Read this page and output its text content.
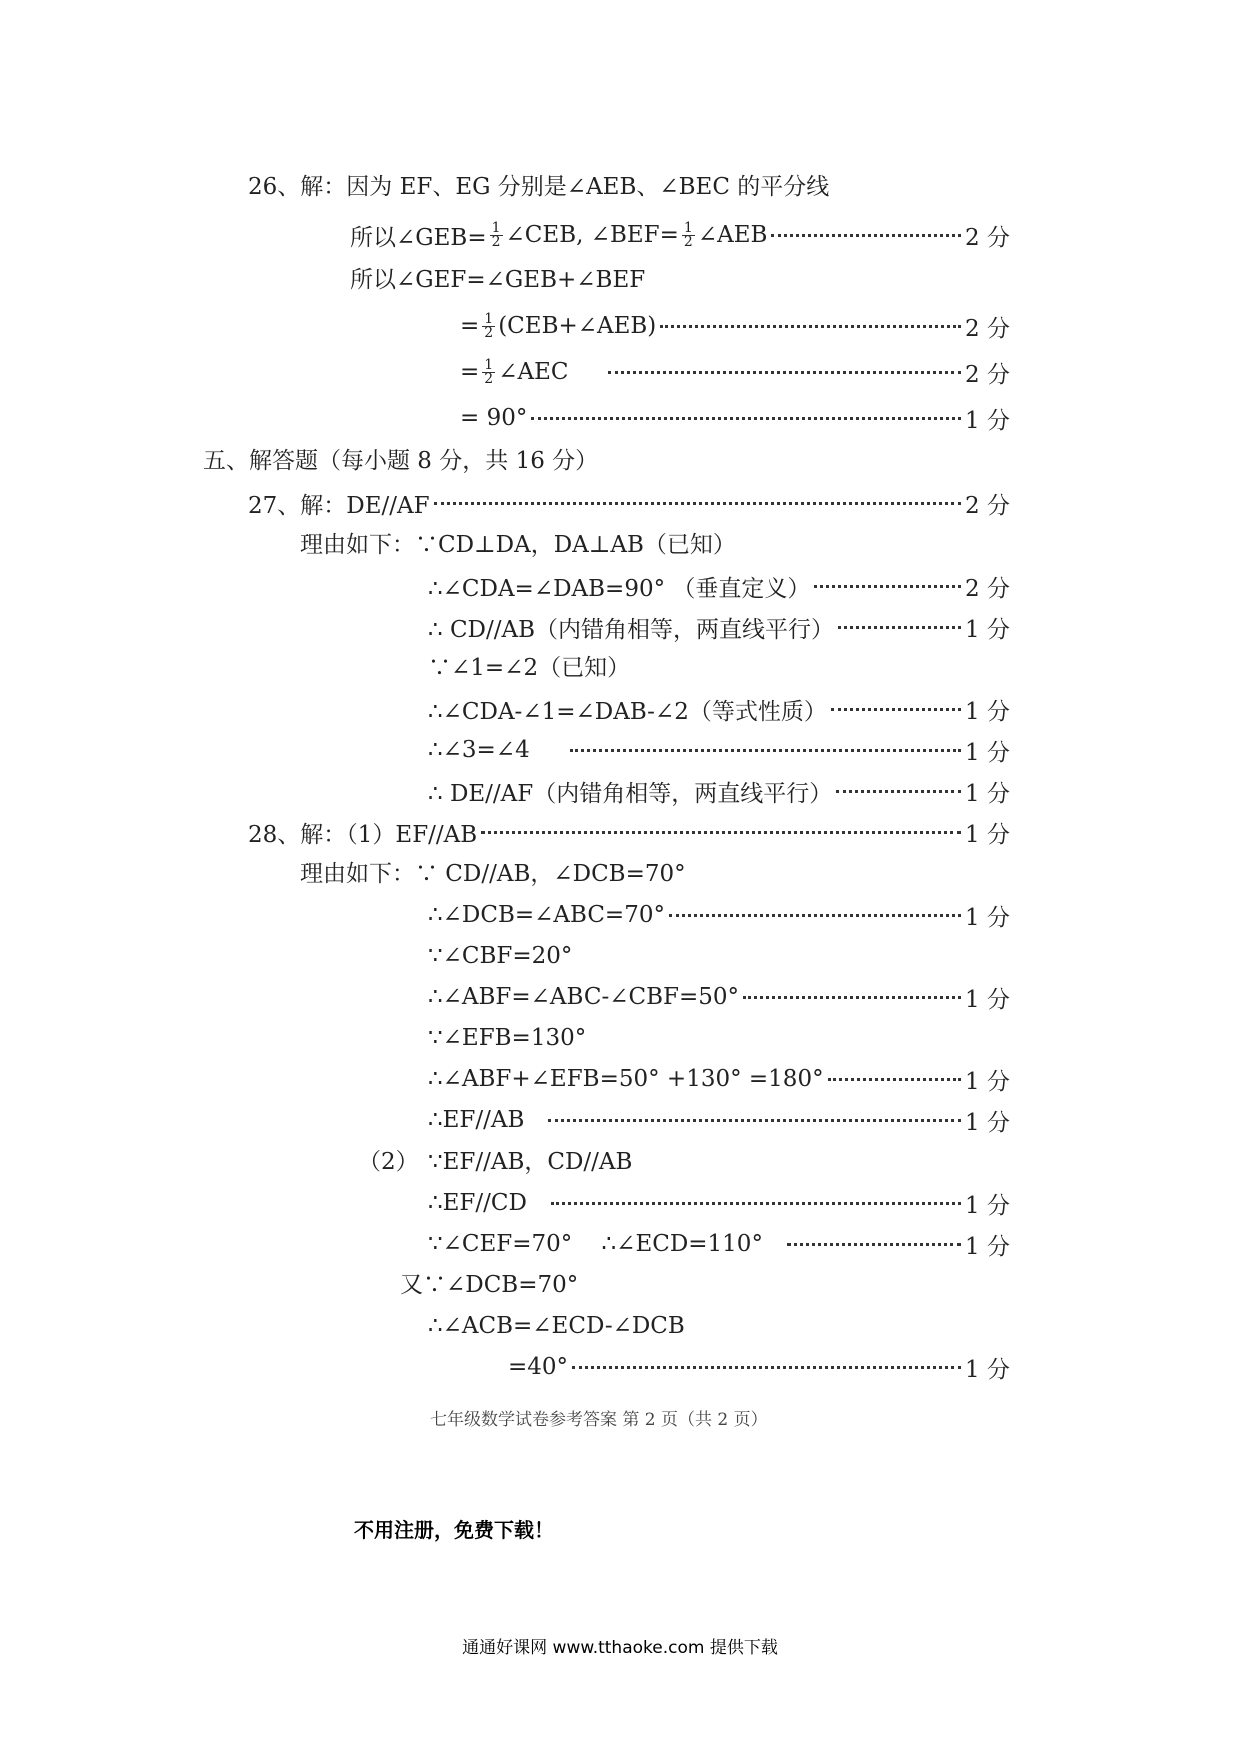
26、解：因为 EF、EG 分别是∠AEB、∠BEC 的平分线
所以∠GEB= $\frac{1}{2}$ ∠CEB, ∠BEF= $\frac{1}{2}$ ∠AEB	2 分
所以∠GEF=∠GEB+∠BEF
= $\frac{1}{2}$ (CEB+∠AEB)	2 分
= $\frac{1}{2}$ ∠AEC	2 分
= 90°	1 分
五、解答题（每小题 8 分，共 16 分）
27、解：DE//AF	2 分
理由如下：∵CD⊥DA，DA⊥AB（已知）
∴∠CDA=∠DAB=90° （垂直定义）	2 分
∴ CD//AB（内错角相等，两直线平行）	1 分
∵∠1=∠2（已知）
∴∠CDA-∠1=∠DAB-∠2（等式性质）	1 分
∴∠3=∠4	1 分
∴ DE//AF（内错角相等，两直线平行）	1 分
28、解：（1）EF//AB	1 分
理由如下：∵ CD//AB，∠DCB=70°
∴∠DCB=∠ABC=70°	1 分
∵∠CBF=20°
∴∠ABF=∠ABC-∠CBF=50°	1 分
∵∠EFB=130°
∴∠ABF+∠EFB=50° +130° =180°	1 分
∴EF//AB	1 分
（2） ∵EF//AB，CD//AB
∴EF//CD	1 分
∵∠CEF=70°    ∴∠ECD=110°	1 分
又∵∠DCB=70°
∴∠ACB=∠ECD-∠DCB
=40°	1 分
七年级数学试卷参考答案 第 2 页（共 2 页）
不用注册，免费下载！
通通好课网 www.tthaoke.com 提供下载
